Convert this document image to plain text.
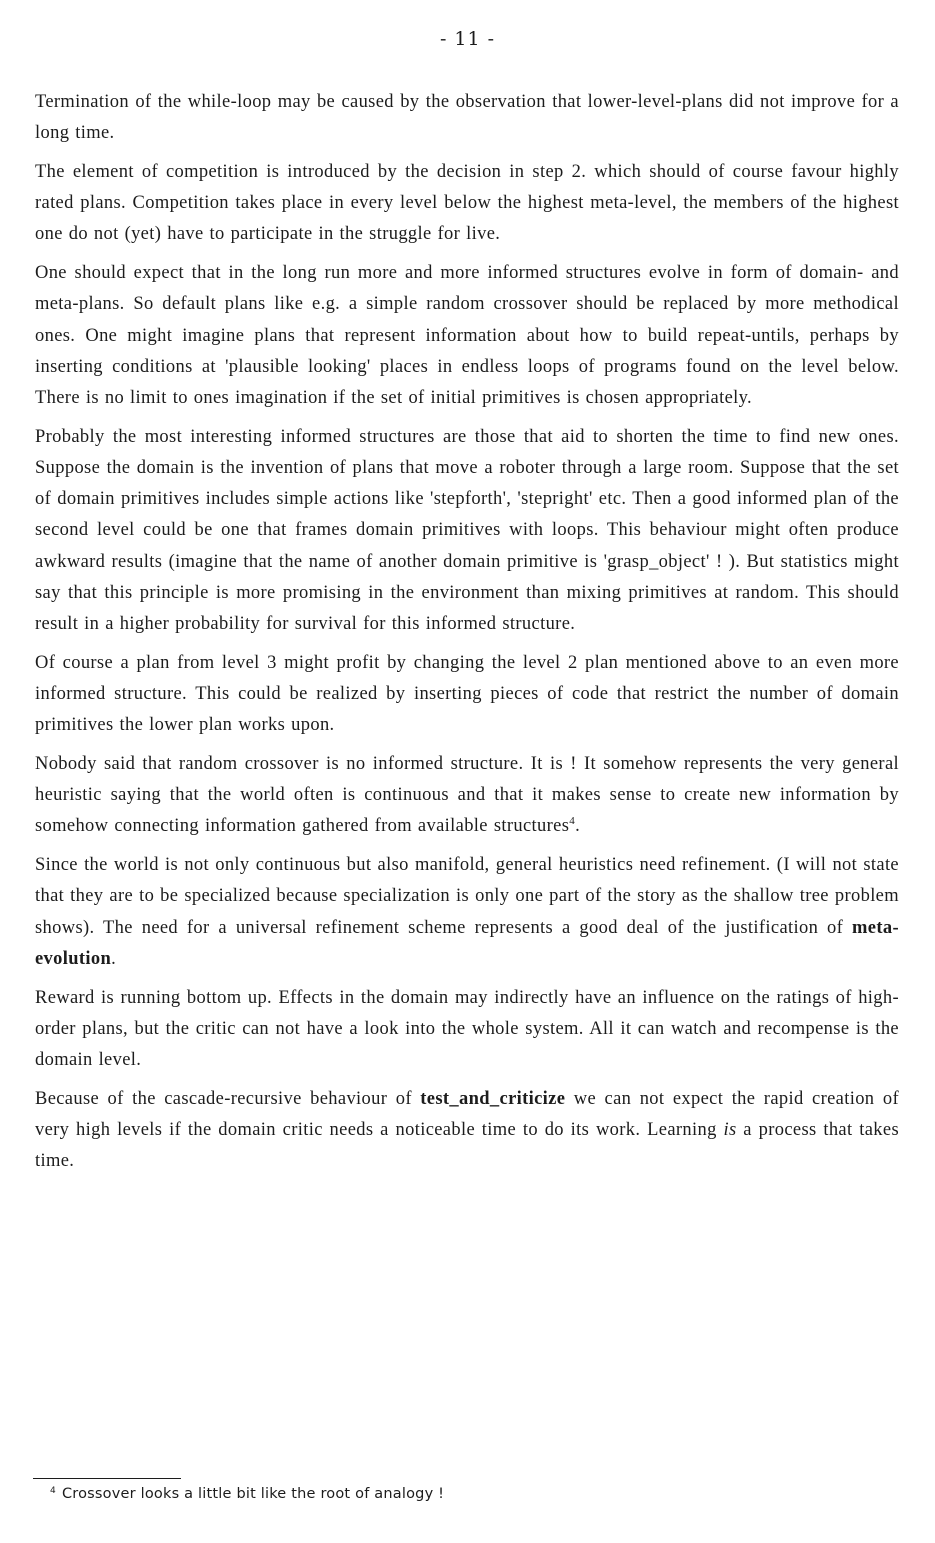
- 11 -

Termination of the while-loop may be caused by the observation that lower-level-plans did not improve for a long time.

The element of competition is introduced by the decision in step 2. which should of course favour highly rated plans. Competition takes place in every level below the highest meta-level, the members of the highest one do not (yet) have to participate in the struggle for live.

One should expect that in the long run more and more informed structures evolve in form of domain- and meta-plans. So default plans like e.g. a simple random crossover should be replaced by more methodical ones. One might imagine plans that represent information about how to build repeat-untils, perhaps by inserting conditions at 'plausible looking' places in endless loops of programs found on the level below. There is no limit to ones imagination if the set of initial primitives is chosen appropriately.

Probably the most interesting informed structures are those that aid to shorten the time to find new ones. Suppose the domain is the invention of plans that move a roboter through a large room. Suppose that the set of domain primitives includes simple actions like 'stepforth', 'stepright' etc. Then a good informed plan of the second level could be one that frames domain primitives with loops. This behaviour might often produce awkward results (imagine that the name of another domain primitive is 'grasp_object' ! ). But statistics might say that this principle is more promising in the environment than mixing primitives at random. This should result in a higher probability for survival for this informed structure.

Of course a plan from level 3 might profit by changing the level 2 plan mentioned above to an even more informed structure. This could be realized by inserting pieces of code that restrict the number of domain primitives the lower plan works upon.

Nobody said that random crossover is no informed structure. It is ! It somehow represents the very general heuristic saying that the world often is continuous and that it makes sense to create new information by somehow connecting information gathered from available structures$^4$.

Since the world is not only continuous but also manifold, general heuristics need refinement. (I will not state that they are to be specialized because specialization is only one part of the story as the shallow tree problem shows). The need for a universal refinement scheme represents a good deal of the justification of meta-evolution.

Reward is running bottom up. Effects in the domain may indirectly have an influence on the ratings of high-order plans, but the critic can not have a look into the whole system. All it can watch and recompense is the domain level.

Because of the cascade-recursive behaviour of test_and_criticize we can not expect the rapid creation of very high levels if the domain critic needs a noticeable time to do its work. Learning is a process that takes time.

$^4$ Crossover looks a little bit like the root of analogy !
